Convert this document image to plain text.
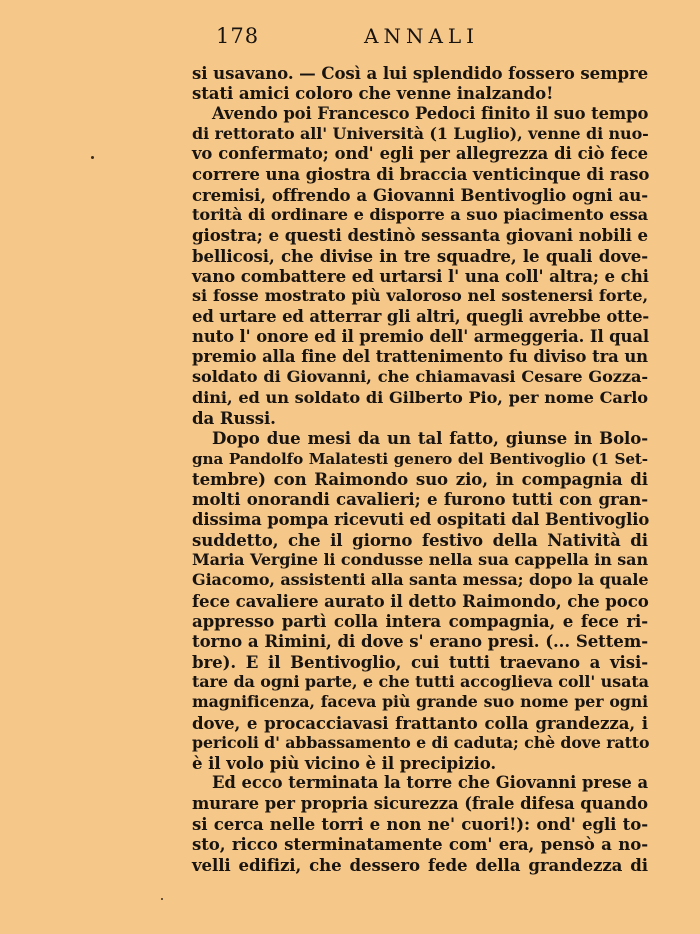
178	ANNALI
si usavano. — Così a lui splendido fossero sempre
stati amici coloro che venne inalzando!
Avendo poi Francesco Pedoci finito il suo tempo
di rettorato all' Università (1 Luglio), venne di nuo-
vo confermato; ond' egli per allegrezza di ciò fece
correre una giostra di braccia venticinque di raso
cremisi, offrendo a Giovanni Bentivoglio ogni au-
torità di ordinare e disporre a suo piacimento essa
giostra; e questi destinò sessanta giovani nobili e
bellicosi, che divise in tre squadre, le quali dove-
vano combattere ed urtarsi l' una coll' altra; e chi
si fosse mostrato più valoroso nel sostenersi forte,
ed urtare ed atterrar gli altri, quegli avrebbe otte-
nuto l' onore ed il premio dell' armeggeria. Il qual
premio alla fine del trattenimento fu diviso tra un
soldato di Giovanni, che chiamavasi Cesare Gozza-
dini, ed un soldato di Gilberto Pio, per nome Carlo
da Russi.
Dopo due mesi da un tal fatto, giunse in Bolo-
gna Pandolfo Malatesti genero del Bentivoglio (1 Set-
tembre) con Raimondo suo zio, in compagnia di
molti onorandi cavalieri; e furono tutti con gran-
dissima pompa ricevuti ed ospitati dal Bentivoglio
suddetto, che il giorno festivo della Natività di
Maria Vergine li condusse nella sua cappella in san
Giacomo, assistenti alla santa messa; dopo la quale
fece cavaliere aurato il detto Raimondo, che poco
appresso partì colla intera compagnia, e fece ri-
torno a Rimini, di dove s' erano presi. (... Settem-
bre). E il Bentivoglio, cui tutti traevano a visi-
tare da ogni parte, e che tutti accoglieva coll' usata
magnificenza, faceva più grande suo nome per ogni
dove, e procacciavasi frattanto colla grandezza, i
pericoli d' abbassamento e di caduta; chè dove ratto
è il volo più vicino è il precipizio.
Ed ecco terminata la torre che Giovanni prese a
murare per propria sicurezza (frale difesa quando
si cerca nelle torri e non ne' cuori!): ond' egli to-
sto, ricco sterminatamente com' era, pensò a no-
velli edifizi, che dessero fede della grandezza di
